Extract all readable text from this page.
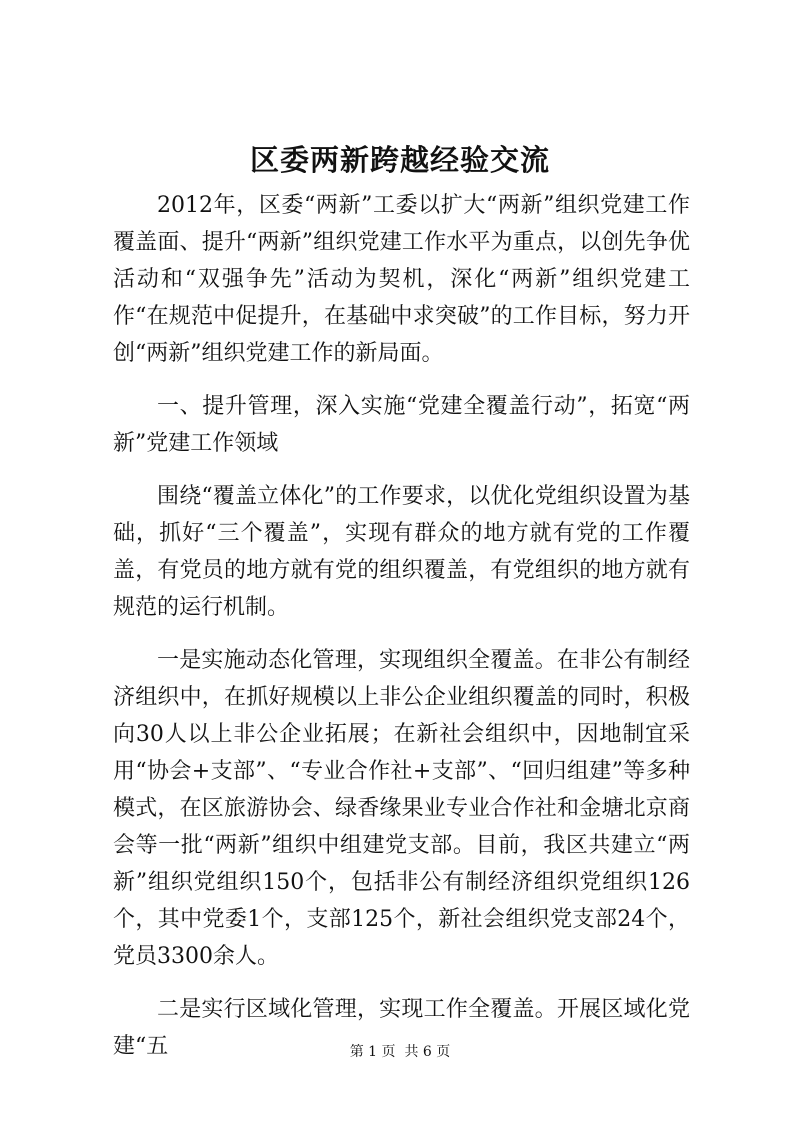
区委两新跨越经验交流

2012年，区委“两新”工委以扩大“两新”组织党建工作覆盖面、提升“两新”组织党建工作水平为重点，以创先争优活动和“双强争先”活动为契机，深化“两新”组织党建工作“在规范中促提升，在基础中求突破”的工作目标，努力开创“两新”组织党建工作的新局面。

一、提升管理，深入实施“党建全覆盖行动”，拓宽“两新”党建工作领域

围绕“覆盖立体化”的工作要求，以优化党组织设置为基础，抓好“三个覆盖”，实现有群众的地方就有党的工作覆盖，有党员的地方就有党的组织覆盖，有党组织的地方就有规范的运行机制。

一是实施动态化管理，实现组织全覆盖。在非公有制经济组织中，在抓好规模以上非公企业组织覆盖的同时，积极向30人以上非公企业拓展；在新社会组织中，因地制宜采用“协会+支部”、“专业合作社+支部”、“回归组建”等多种模式，在区旅游协会、绿香缘果业专业合作社和金塘北京商会等一批“两新”组织中组建党支部。目前，我区共建立“两新”组织党组织150个，包括非公有制经济组织党组织126个，其中党委1个，支部125个，新社会组织党支部24个，党员3300余人。

二是实行区域化管理，实现工作全覆盖。开展区域化党建“五	第 1 页  共 6 页
